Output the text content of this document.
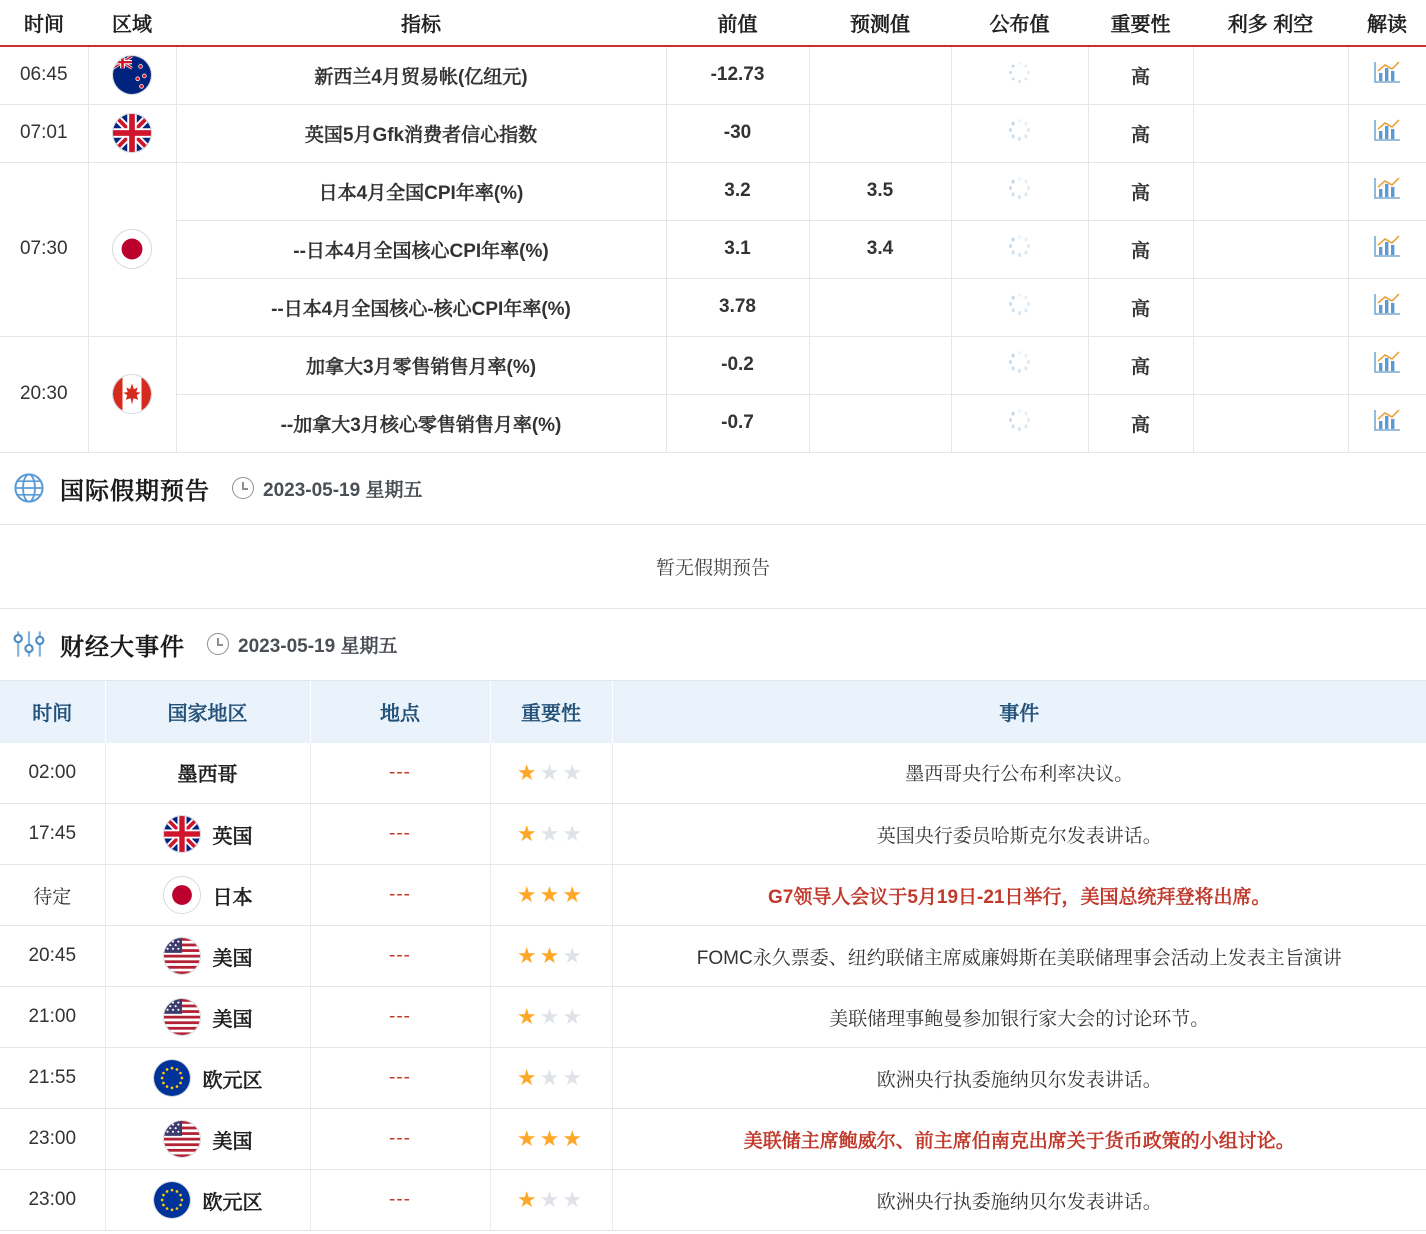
时间	区域	指标	前值	预测值	公布值	重要性	利多 利空	解读
06:45		新西兰4月贸易帐(亿纽元)	-12.73			高		
07:01		英国5月Gfk消费者信心指数	-30			高		
07:30		日本4月全国CPI年率(%)	3.2	3.5		高		
		--日本4月全国核心CPI年率(%)	3.1	3.4		高		
		--日本4月全国核心-核心CPI年率(%)	3.78			高		
20:30		加拿大3月零售销售月率(%)	-0.2			高		
		--加拿大3月核心零售销售月率(%)	-0.7			高		
国际假期预告	2023-05-19 星期五
暂无假期预告
财经大事件	2023-05-19 星期五
时间	国家地区	地点	重要性	事件
02:00	墨西哥	---	★★★	墨西哥央行公布利率决议。
17:45	英国	---	★★★	英国央行委员哈斯克尔发表讲话。
待定	日本	---	★★★	G7领导人会议于5月19日-21日举行，美国总统拜登将出席。
20:45	美国	---	★★★	FOMC永久票委、纽约联储主席威廉姆斯在美联储理事会活动上发表主旨演讲
21:00	美国	---	★★★	美联储理事鲍曼参加银行家大会的讨论环节。
21:55	欧元区	---	★★★	欧洲央行执委施纳贝尔发表讲话。
23:00	美国	---	★★★	美联储主席鲍威尔、前主席伯南克出席关于货币政策的小组讨论。
23:00	欧元区	---	★★★	欧洲央行执委施纳贝尔发表讲话。
